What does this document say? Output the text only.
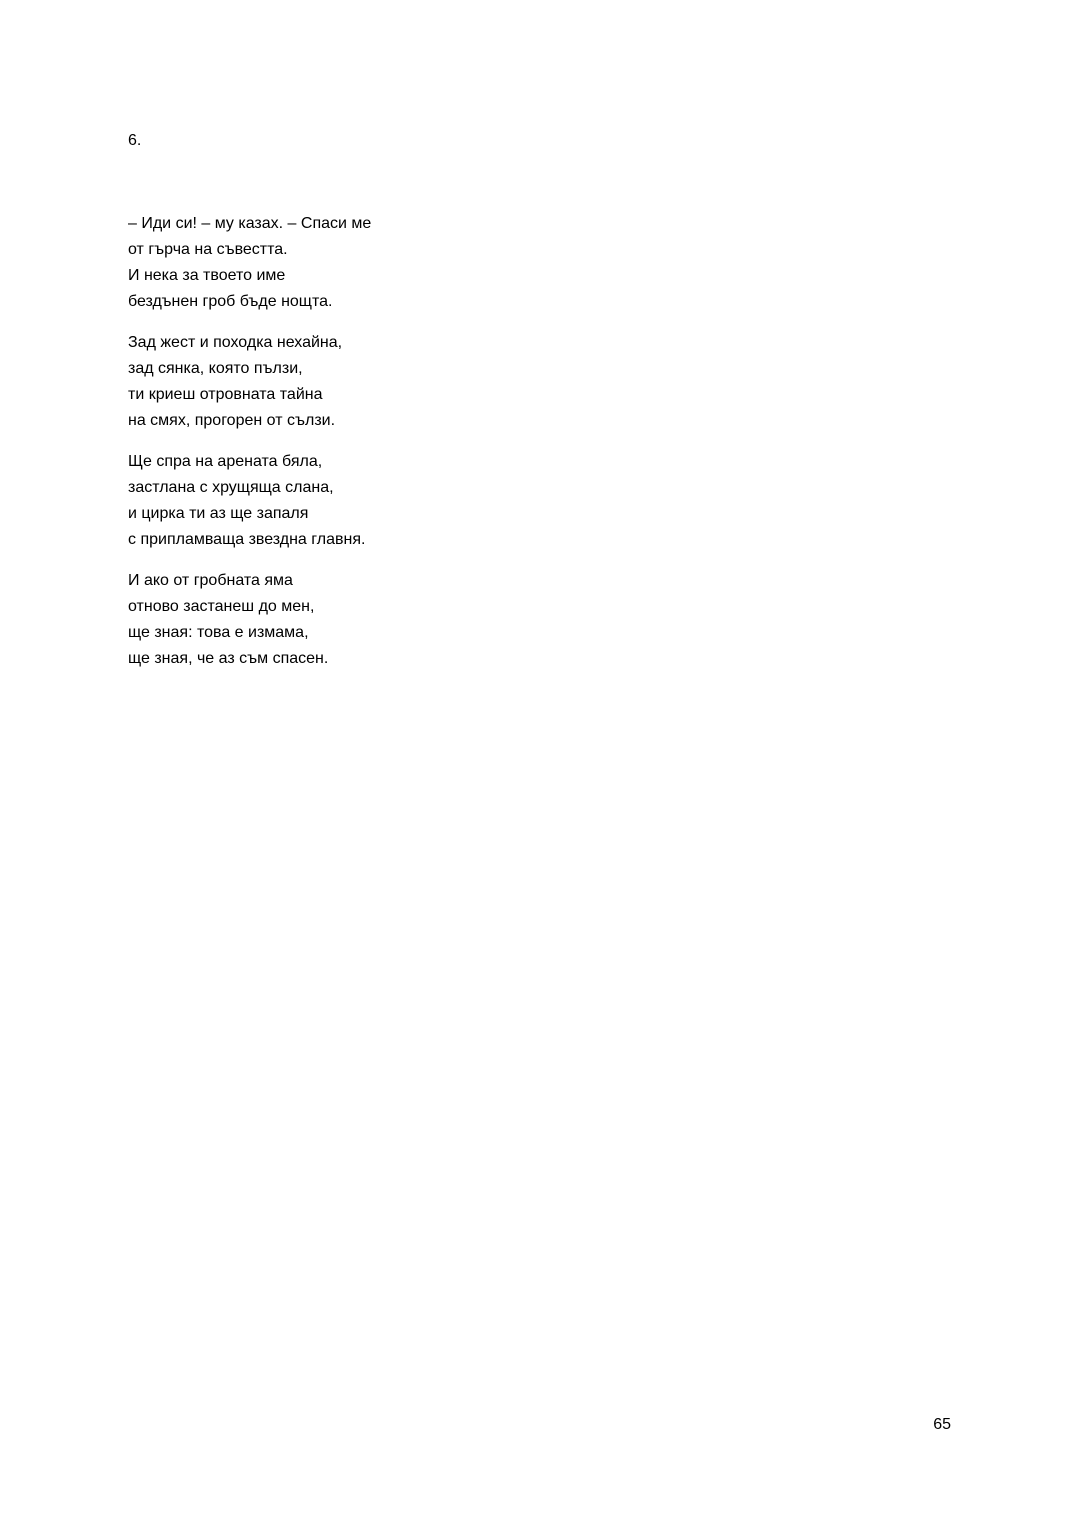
6.

– Иди си! – му казах. – Спаси ме
от гърча на съвестта.
И нека за твоето име
бездънен гроб бъде нощта.
Зад жест и походка нехайна,
зад сянка, която пълзи,
ти криеш отровната тайна
на смях, прогорен от сълзи.
Ще спра на арената бяла,
застлана с хрущяща слана,
и цирка ти аз ще запаля
с припламваща звездна главня.
И ако от гробната яма
отново застанеш до мен,
ще зная: това е измама,
ще зная, че аз съм спасен.
65
